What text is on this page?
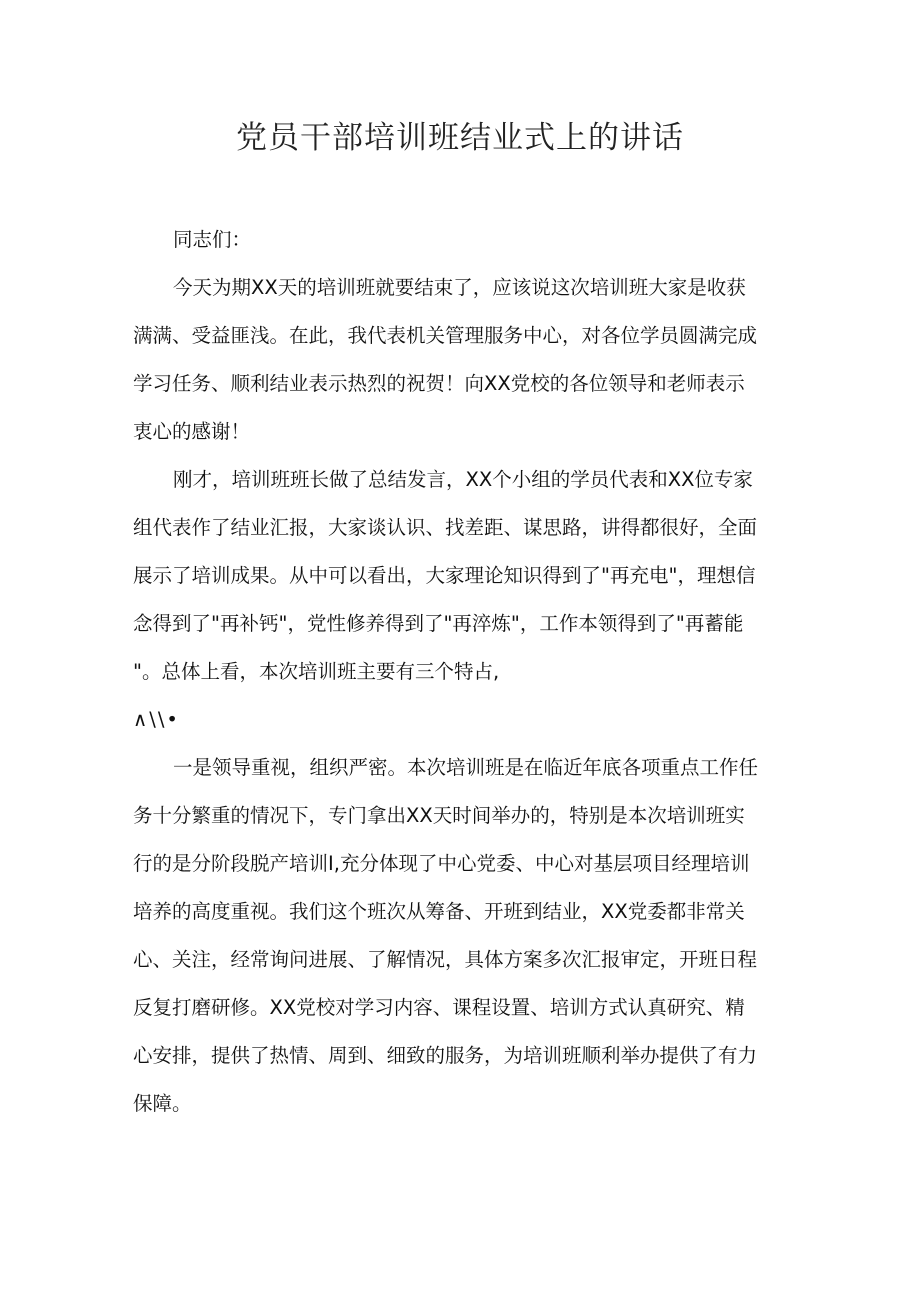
党员干部培训班结业式上的讲话
同志们：
今天为期XX天的培训班就要结束了，应该说这次培训班大家是收获
满满、受益匪浅。在此，我代表机关管理服务中心，对各位学员圆满完成
学习任务、顺利结业表示热烈的祝贺！向XX党校的各位领导和老师表示
衷心的感谢！
刚才，培训班班长做了总结发言，XX个小组的学员代表和XX位专家
组代表作了结业汇报，大家谈认识、找差距、谋思路，讲得都很好，全面
展示了培训成果。从中可以看出，大家理论知识得到了"再充电"，理想信
念得到了"再补钙"，党性修养得到了"再淬炼"，工作本领得到了"再蓄能
"。总体上看，本次培训班主要有三个特占,
∧\\•
一是领导重视，组织严密。本次培训班是在临近年底各项重点工作任
务十分繁重的情况下，专门拿出XX天时间举办的，特别是本次培训班实
行的是分阶段脱产培训I,充分体现了中心党委、中心对基层项目经理培训
培养的高度重视。我们这个班次从筹备、开班到结业，XX党委都非常关
心、关注，经常询问进展、了解情况，具体方案多次汇报审定，开班日程
反复打磨研修。XX党校对学习内容、课程设置、培训方式认真研究、精
心安排，提供了热情、周到、细致的服务，为培训班顺利举办提供了有力
保障。
